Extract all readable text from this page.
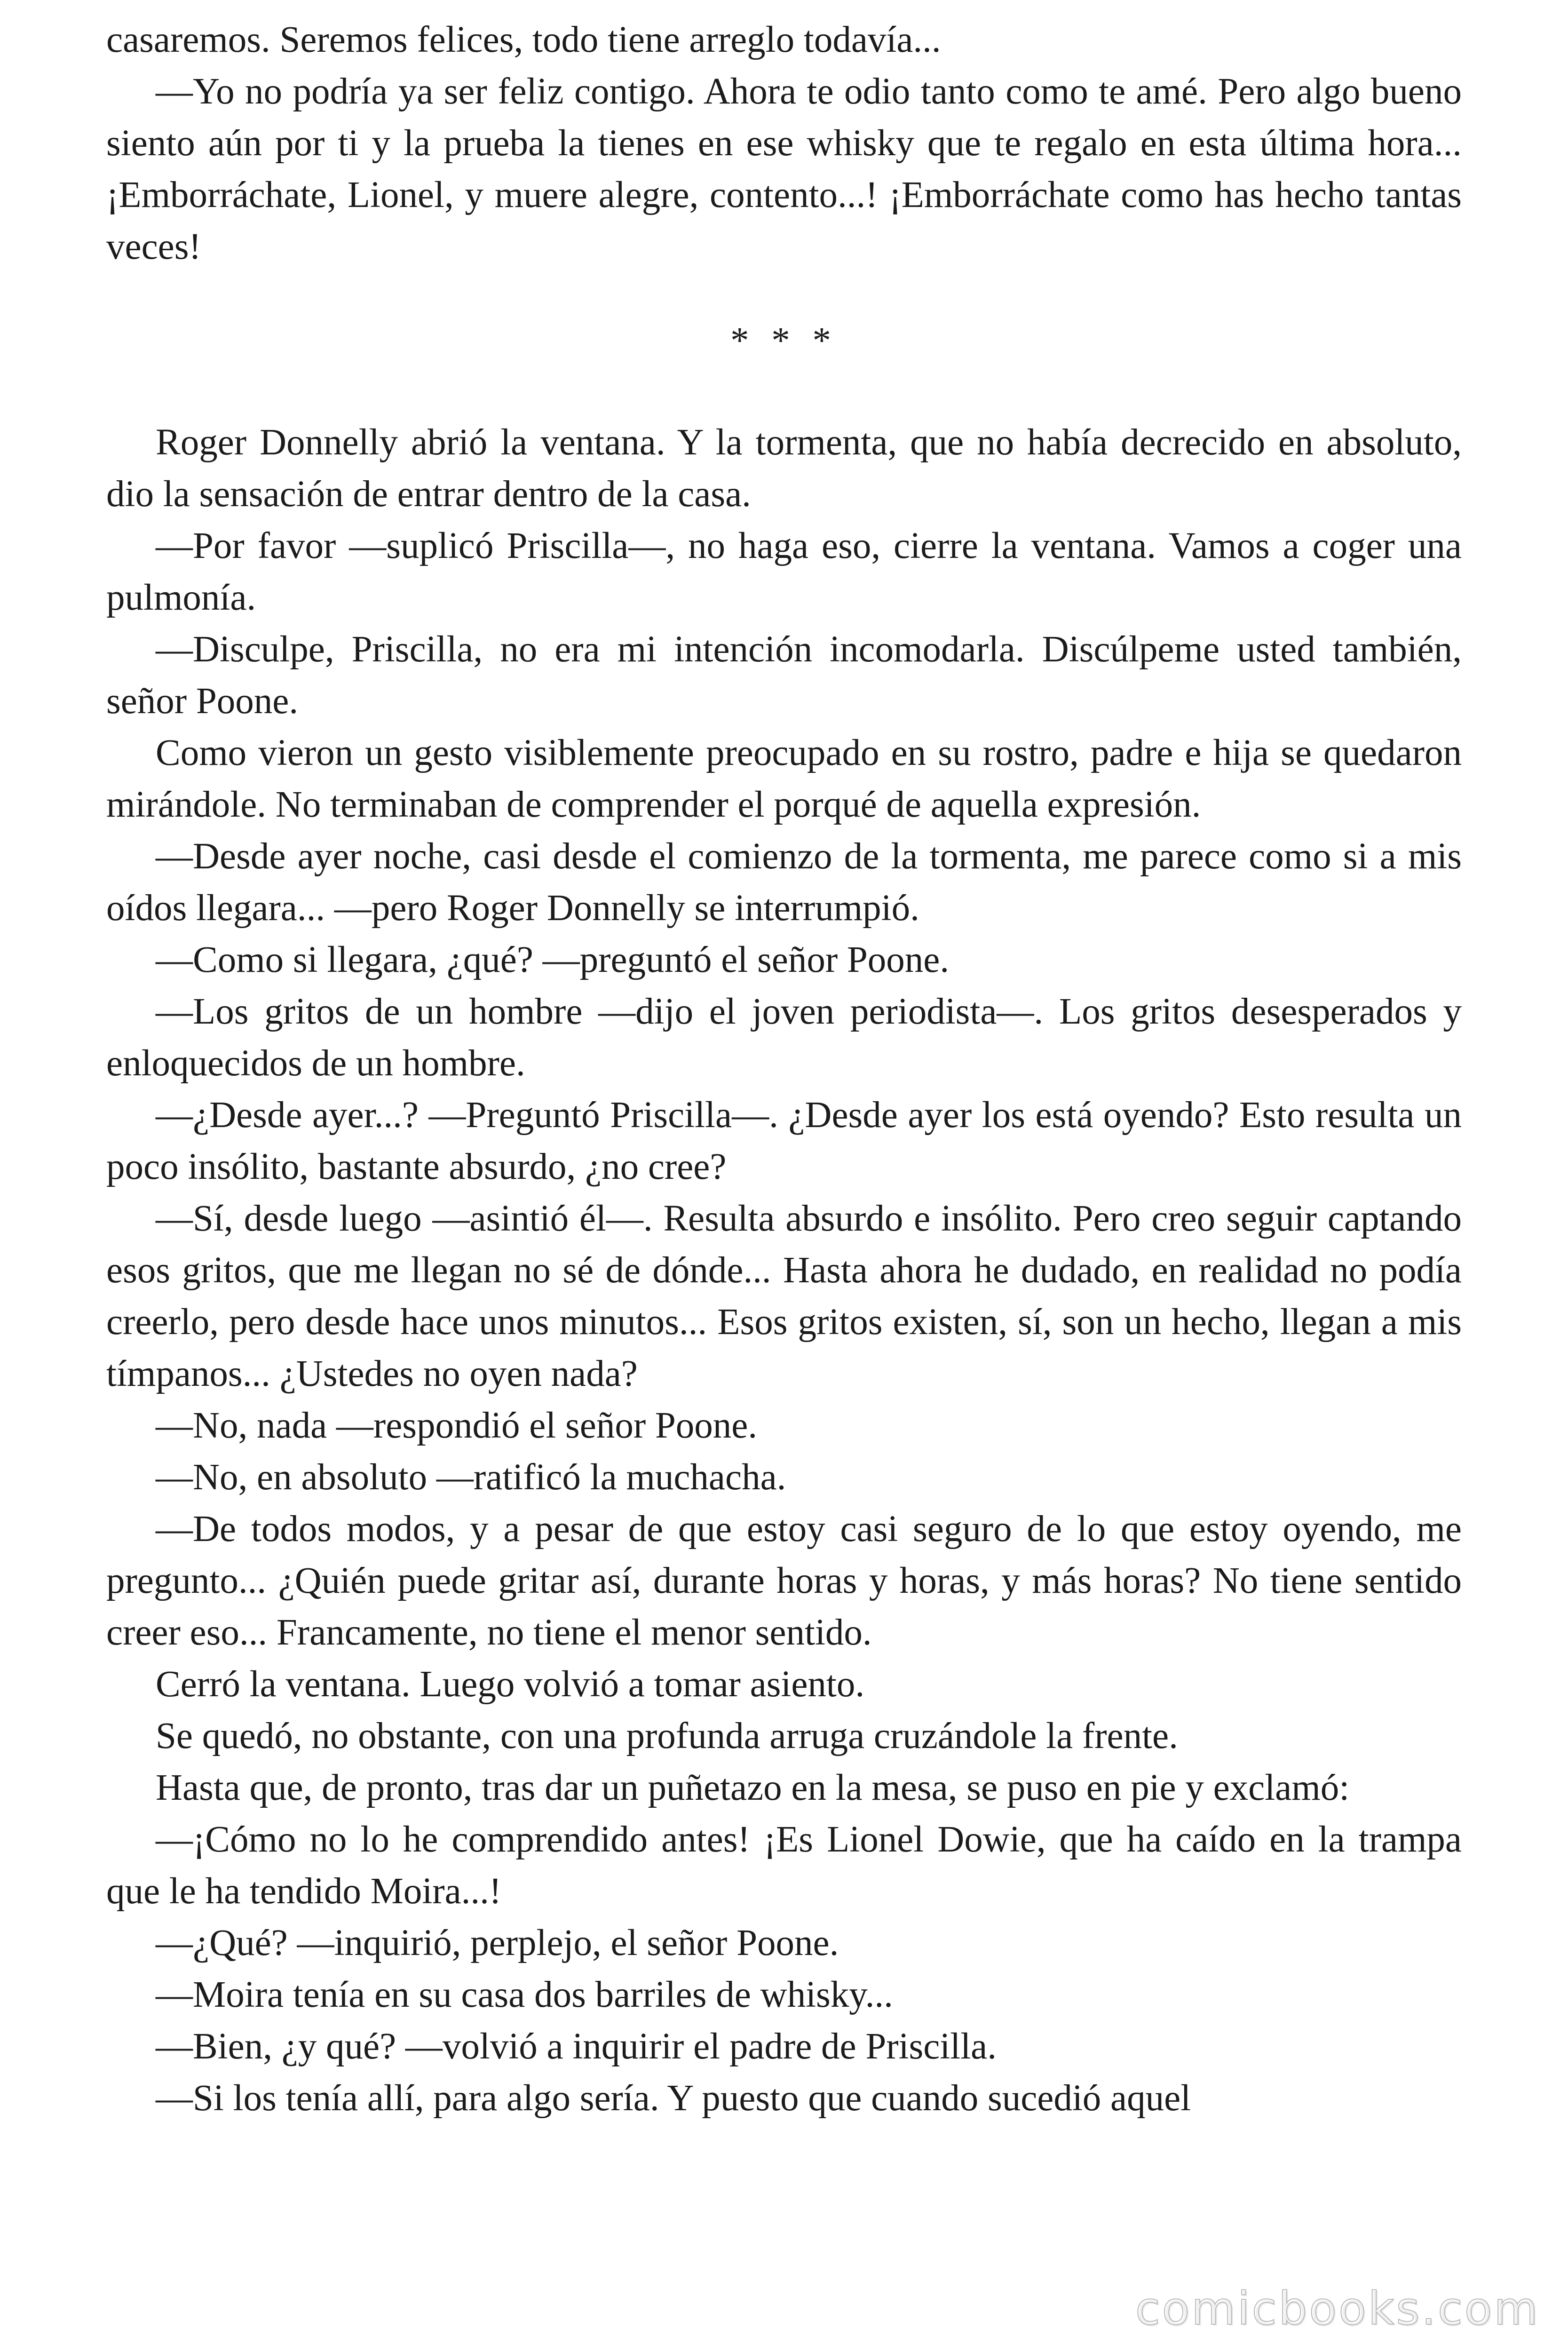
casaremos. Seremos felices, todo tiene arreglo todavía...

—Yo no podría ya ser feliz contigo. Ahora te odio tanto como te amé. Pero algo bueno siento aún por ti y la prueba la tienes en ese whisky que te regalo en esta última hora... ¡Emborráchate, Lionel, y muere alegre, contento...! ¡Emborráchate como has hecho tantas veces!

* * *

Roger Donnelly abrió la ventana. Y la tormenta, que no había decrecido en absoluto, dio la sensación de entrar dentro de la casa.

—Por favor —suplicó Priscilla—, no haga eso, cierre la ventana. Vamos a coger una pulmonía.

—Disculpe, Priscilla, no era mi intención incomodarla. Discúlpeme usted también, señor Poone.

Como vieron un gesto visiblemente preocupado en su rostro, padre e hija se quedaron mirándole. No terminaban de comprender el porqué de aquella expresión.

—Desde ayer noche, casi desde el comienzo de la tormenta, me parece como si a mis oídos llegara... —pero Roger Donnelly se interrumpió.

—Como si llegara, ¿qué? —preguntó el señor Poone.

—Los gritos de un hombre —dijo el joven periodista—. Los gritos desesperados y enloquecidos de un hombre.

—¿Desde ayer...? —Preguntó Priscilla—. ¿Desde ayer los está oyendo? Esto resulta un poco insólito, bastante absurdo, ¿no cree?

—Sí, desde luego —asintió él—. Resulta absurdo e insólito. Pero creo seguir captando esos gritos, que me llegan no sé de dónde... Hasta ahora he dudado, en realidad no podía creerlo, pero desde hace unos minutos... Esos gritos existen, sí, son un hecho, llegan a mis tímpanos... ¿Ustedes no oyen nada?

—No, nada —respondió el señor Poone.

—No, en absoluto —ratificó la muchacha.

—De todos modos, y a pesar de que estoy casi seguro de lo que estoy oyendo, me pregunto... ¿Quién puede gritar así, durante horas y horas, y más horas? No tiene sentido creer eso... Francamente, no tiene el menor sentido.

Cerró la ventana. Luego volvió a tomar asiento.

Se quedó, no obstante, con una profunda arruga cruzándole la frente.

Hasta que, de pronto, tras dar un puñetazo en la mesa, se puso en pie y exclamó:

—¡Cómo no lo he comprendido antes! ¡Es Lionel Dowie, que ha caído en la trampa que le ha tendido Moira...!

—¿Qué? —inquirió, perplejo, el señor Poone.

—Moira tenía en su casa dos barriles de whisky...

—Bien, ¿y qué? —volvió a inquirir el padre de Priscilla.

—Si los tenía allí, para algo sería. Y puesto que cuando sucedió aquel

comicbooks.com
